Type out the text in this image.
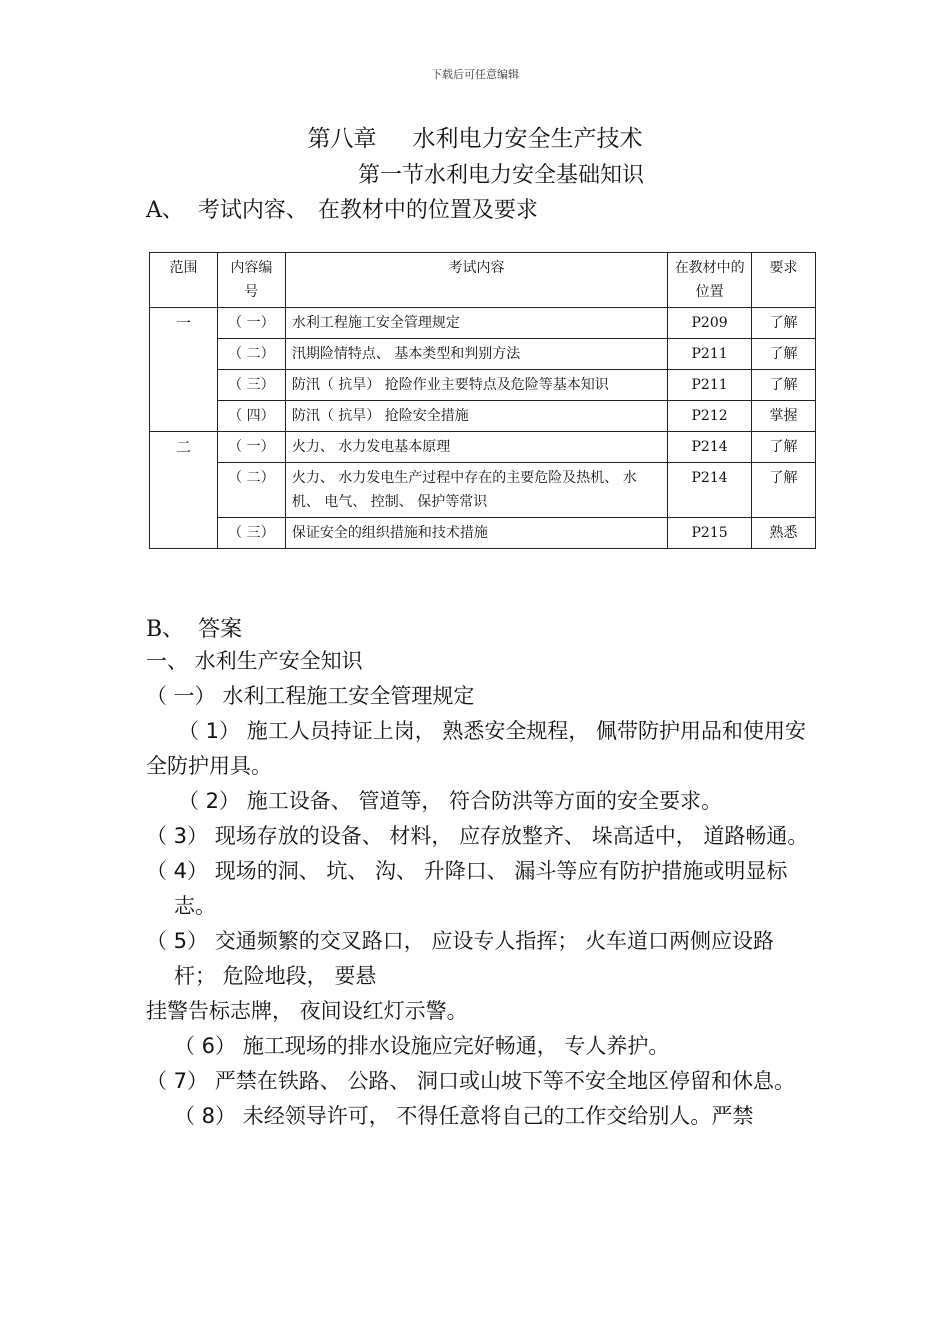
下载后可任意编辑
第八章 水利电力安全生产技术
第一节水利电力安全基础知识
A、 考试内容、 在教材中的位置及要求
范围	内容编号	考试内容	在教材中的位置	要求
一	（ 一）	水利工程施工安全管理规定	P209	了解
	（ 二）	汛期险情特点、 基本类型和判别方法	P211	了解
	（ 三）	防汛（ 抗旱） 抢险作业主要特点及危险等基本知识	P211	了解
	（ 四）	防汛（ 抗旱） 抢险安全措施	P212	掌握
二	（ 一）	火力、 水力发电基本原理	P214	了解
	（ 二）	火力、 水力发电生产过程中存在的主要危险及热机、 水机、 电气、 控制、 保护等常识	P214	了解
	（ 三）	保证安全的组织措施和技术措施	P215	熟悉
B、 答案

一、 水利生产安全知识

（ 一） 水利工程施工安全管理规定

（ 1） 施工人员持证上岗， 熟悉安全规程， 佩带防护用品和使用安全防护用具。

（ 2） 施工设备、 管道等， 符合防洪等方面的安全要求。

（ 3） 现场存放的设备、 材料， 应存放整齐、 垛高适中， 道路畅通。

（ 4） 现场的洞、 坑、 沟、 升降口、 漏斗等应有防护措施或明显标志。

（ 5） 交通频繁的交叉路口， 应设专人指挥； 火车道口两侧应设路杆； 危险地段， 要悬

挂警告标志牌， 夜间设红灯示警。

（ 6） 施工现场的排水设施应完好畅通， 专人养护。

（ 7） 严禁在铁路、 公路、 洞口或山坡下等不安全地区停留和休息。

（ 8） 未经领导许可， 不得任意将自己的工作交给别人。严禁
